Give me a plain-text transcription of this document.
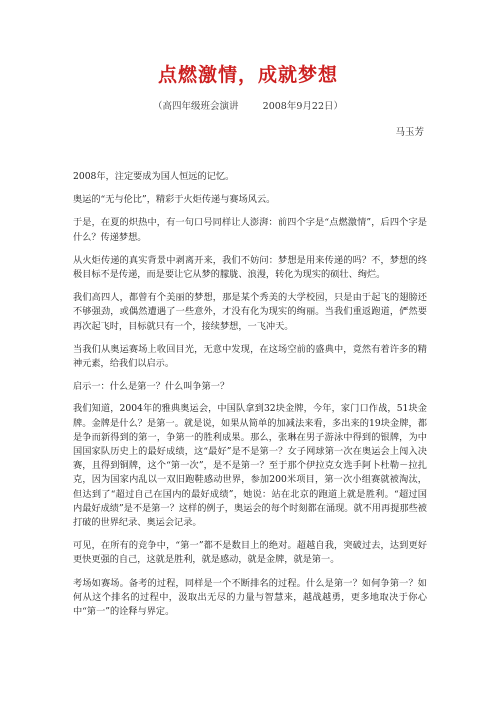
点燃激情，成就梦想
（高四年级班会演讲        2008年9月22日）
马玉芳

2008年，注定要成为国人恒远的记忆。

奥运的“无与伦比”，精彩于火炬传递与赛场风云。

于是，在夏的炽热中，有一句口号同样让人澎湃：前四个字是“点燃激情”，后四个字是什么？传递梦想。

从火炬传递的真实背景中剥离开来，我们不妨问：梦想是用来传递的吗？不，梦想的终极目标不是传递，而是要让它从梦的朦胧、浪漫，转化为现实的硕壮、绚烂。

我们高四人，都曾有个美丽的梦想，那是某个秀美的大学校园，只是由于起飞的翅膀还不够强劲，或偶然遭遇了一些意外，才没有化为现实的绚丽。当我们重返跑道，俨然要再次起飞时，目标就只有一个，接续梦想，一飞冲天。

当我们从奥运赛场上收回目光，无意中发现，在这场空前的盛典中，竟然有着许多的精神元素，给我们以启示。

启示一：什么是第一？什么叫争第一？

我们知道，2004年的雅典奥运会，中国队拿到32块金牌，今年，家门口作战，51块金牌。金牌是什么？是第一。就是说，如果从简单的加减法来看，多出来的19块金牌，都是争而新得到的第一，争第一的胜利成果。那么，张琳在男子游泳中得到的银牌，为中国国家队历史上的最好成绩，这“最好”是不是第一？女子网球第一次在奥运会上闯入决赛，且得到铜牌，这个“第一次”，是不是第一？至于那个伊拉克女选手阿卜杜勒－拉扎克，因为国家内乱以一双旧跑鞋感动世界，参加200米项目，第一次小组赛就被淘汰，但达到了“超过自己在国内的最好成绩”，她说：站在北京的跑道上就是胜利。“超过国内最好成绩”是不是第一？这样的例子，奥运会的每个时刻都在涌现。就不用再提那些被打破的世界纪录、奥运会记录。

可见，在所有的竞争中，“第一”都不是数目上的绝对。超越自我，突破过去，达到更好更快更强的自己，这就是胜利，就是感动，就是金牌，就是第一。

考场如赛场。备考的过程，同样是一个不断排名的过程。什么是第一？如何争第一？如何从这个排名的过程中，汲取出无尽的力量与智慧来，越战越勇，更多地取决于你心中“第一”的诠释与界定。
